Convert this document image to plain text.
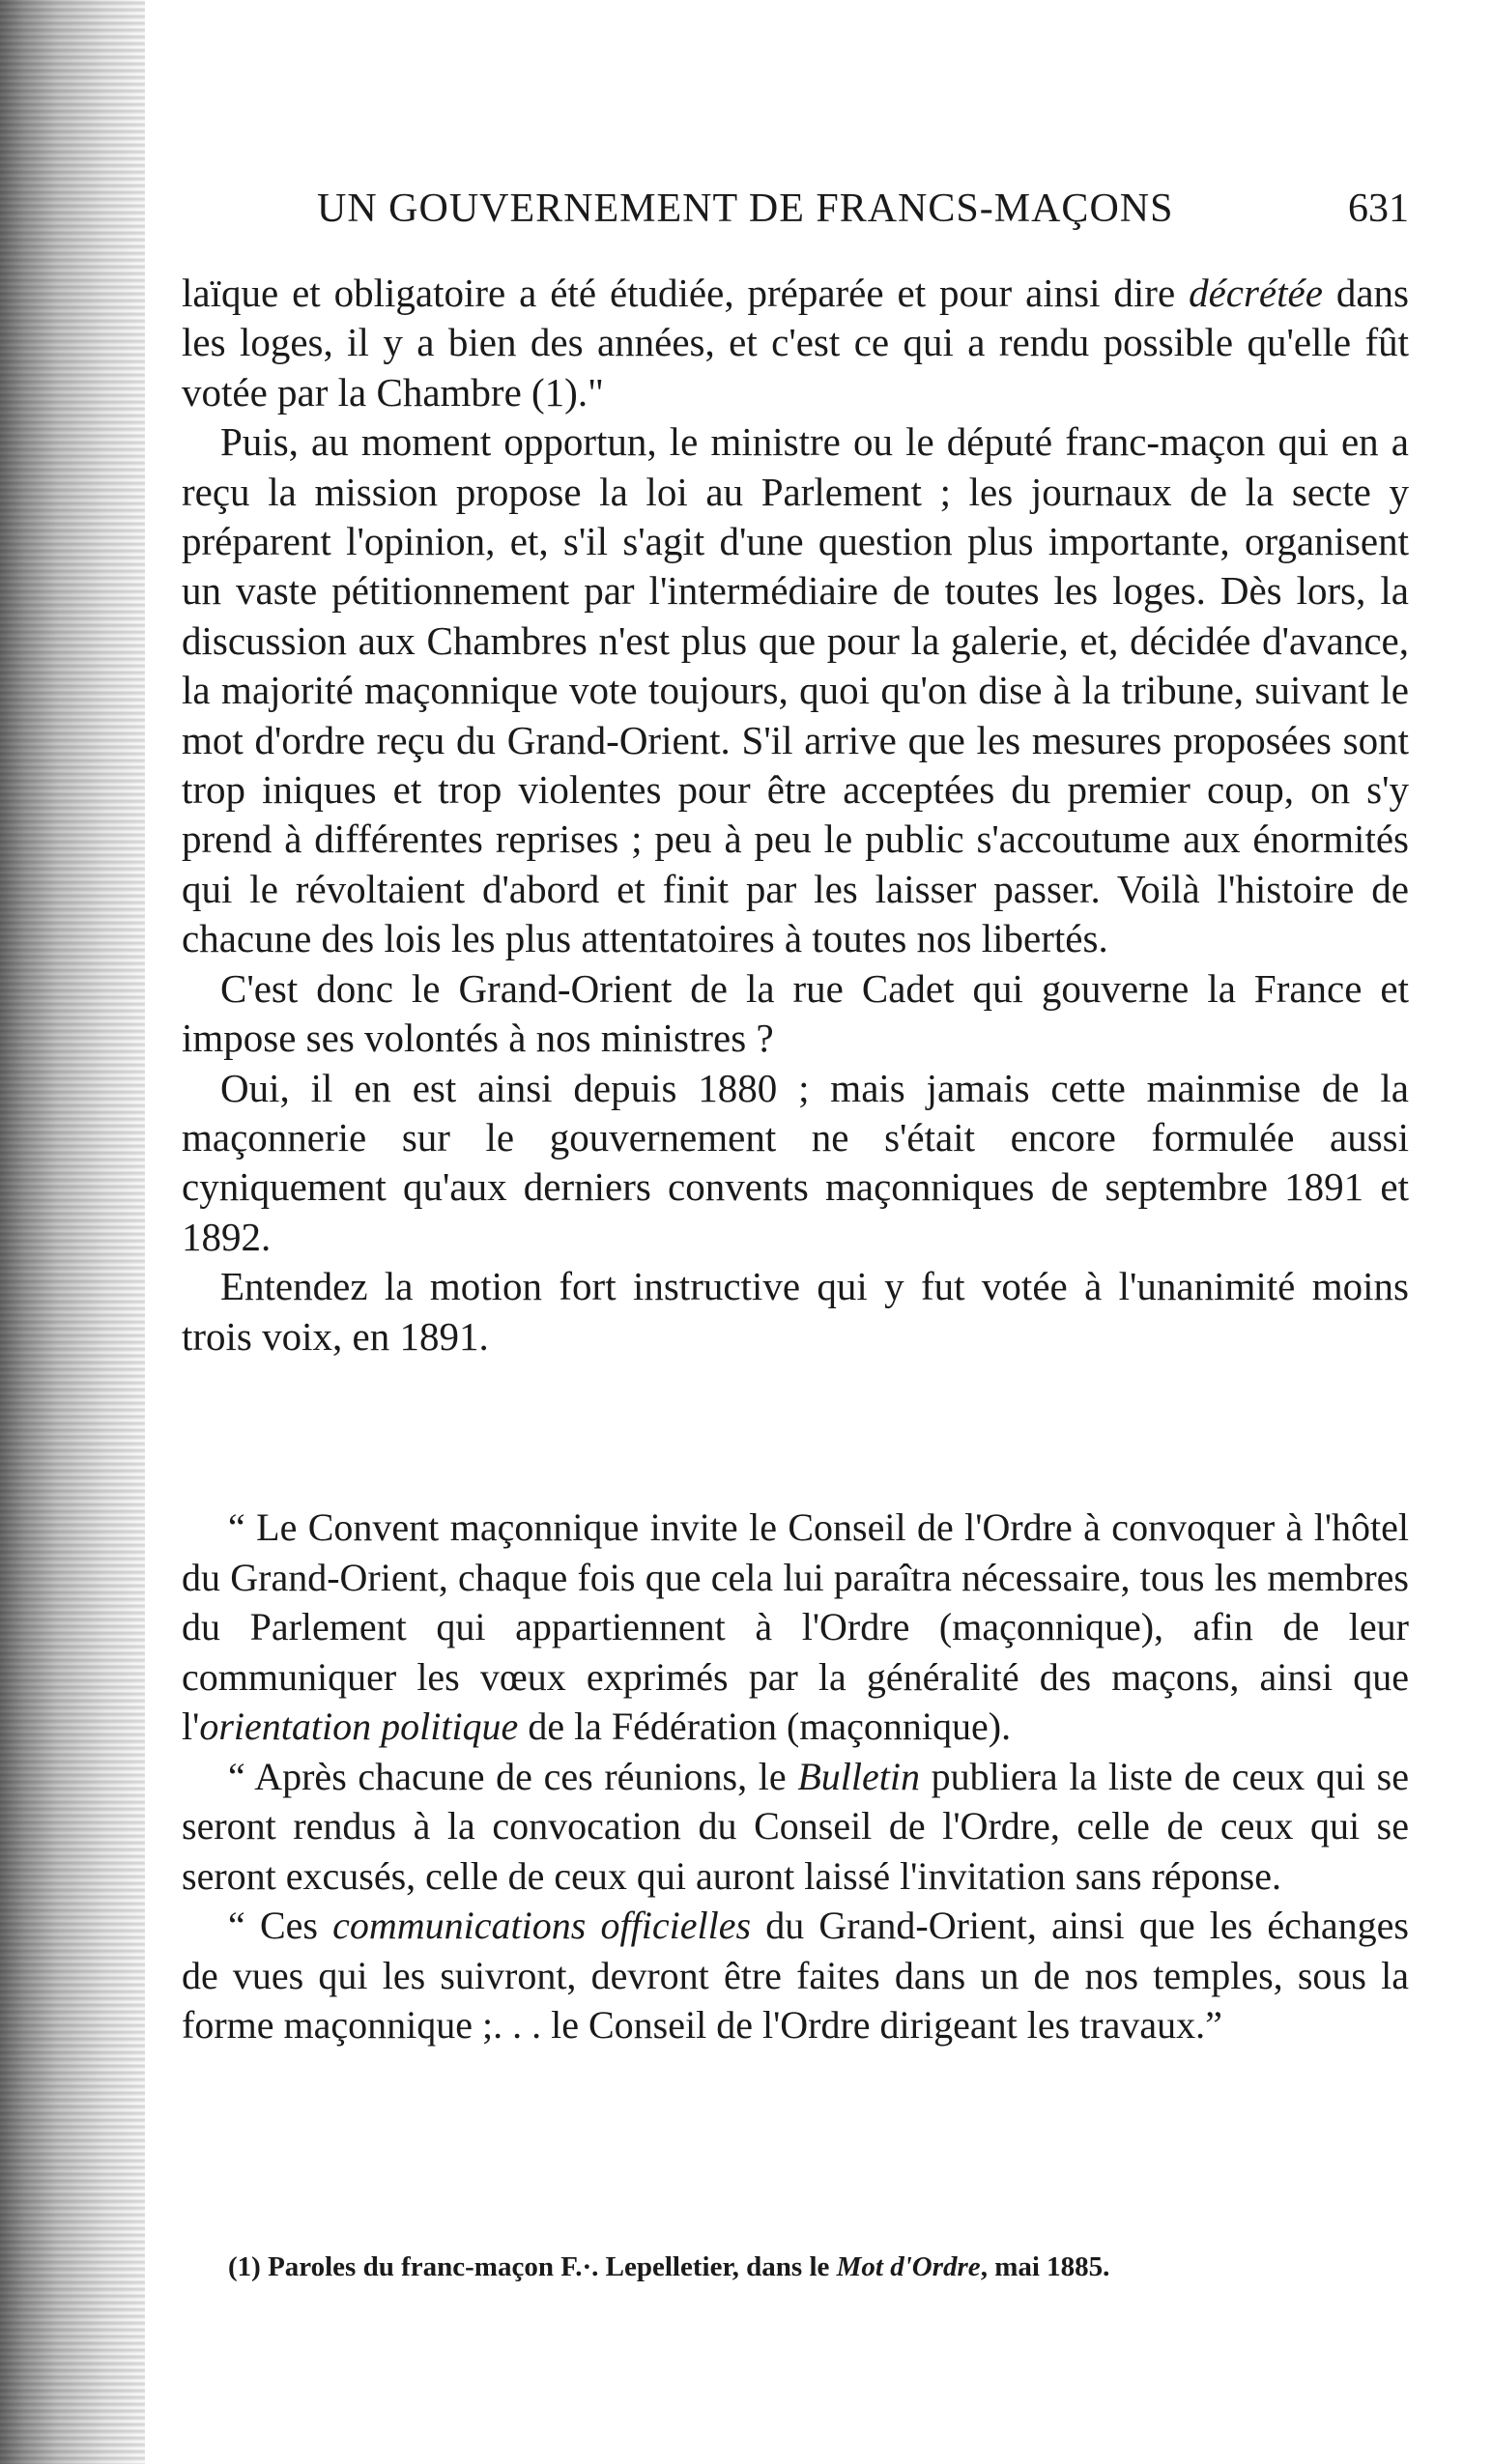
UN GOUVERNEMENT DE FRANCS-MAÇONS	631

laïque et obligatoire a été étudiée, préparée et pour ainsi dire décrétée dans les loges, il y a bien des années, et c'est ce qui a rendu possible qu'elle fût votée par la Chambre (1)."

Puis, au moment opportun, le ministre ou le député franc-maçon qui en a reçu la mission propose la loi au Parlement ; les journaux de la secte y préparent l'opinion, et, s'il s'agit d'une question plus importante, organisent un vaste pétitionnement par l'intermédiaire de toutes les loges. Dès lors, la discussion aux Chambres n'est plus que pour la galerie, et, décidée d'avance, la majorité maçonnique vote toujours, quoi qu'on dise à la tribune, suivant le mot d'ordre reçu du Grand-Orient. S'il arrive que les mesures proposées sont trop iniques et trop violentes pour être acceptées du premier coup, on s'y prend à différentes reprises ; peu à peu le public s'accoutume aux énormités qui le révoltaient d'abord et finit par les laisser passer. Voilà l'histoire de chacune des lois les plus attentatoires à toutes nos libertés.

C'est donc le Grand-Orient de la rue Cadet qui gouverne la France et impose ses volontés à nos ministres ?

Oui, il en est ainsi depuis 1880 ; mais jamais cette mainmise de la maçonnerie sur le gouvernement ne s'était encore formulée aussi cyniquement qu'aux derniers convents maçonniques de septembre 1891 et 1892.

Entendez la motion fort instructive qui y fut votée à l'unanimité moins trois voix, en 1891.

“ Le Convent maçonnique invite le Conseil de l'Ordre à convoquer à l'hôtel du Grand-Orient, chaque fois que cela lui paraîtra nécessaire, tous les membres du Parlement qui appartiennent à l'Ordre (maçonnique), afin de leur communiquer les vœux exprimés par la généralité des maçons, ainsi que l'orientation politique de la Fédération (maçonnique).

“ Après chacune de ces réunions, le Bulletin publiera la liste de ceux qui se seront rendus à la convocation du Conseil de l'Ordre, celle de ceux qui se seront excusés, celle de ceux qui auront laissé l'invitation sans réponse.

“ Ces communications officielles du Grand-Orient, ainsi que les échanges de vues qui les suivront, devront être faites dans un de nos temples, sous la forme maçonnique ;. . . le Conseil de l'Ordre dirigeant les travaux.”

(1) Paroles du franc-maçon F.·. Lepelletier, dans le Mot d'Ordre, mai 1885.
